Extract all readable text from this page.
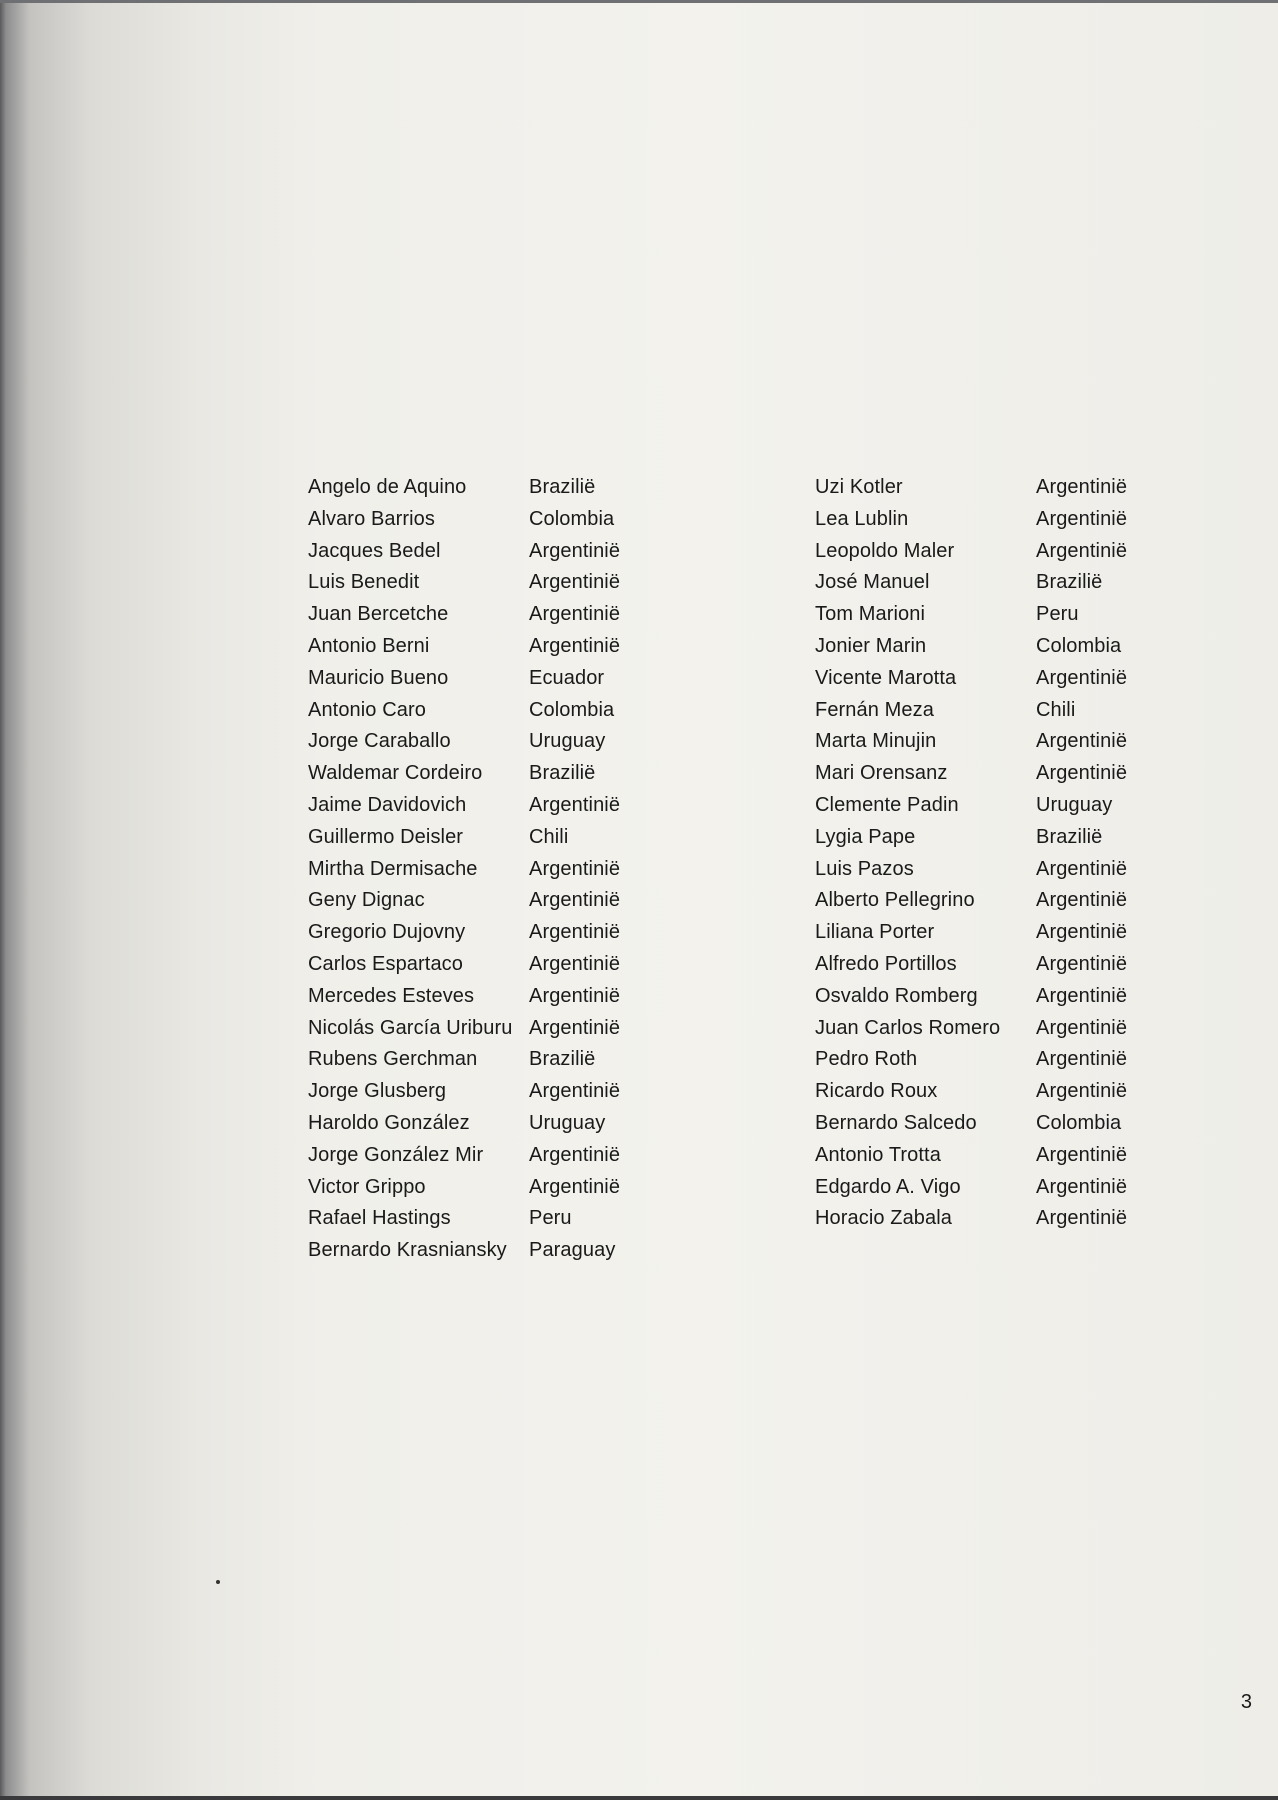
Angelo de Aquino	Brazilië
Alvaro Barrios	Colombia
Jacques Bedel	Argentinië
Luis Benedit	Argentinië
Juan Bercetche	Argentinië
Antonio Berni	Argentinië
Mauricio Bueno	Ecuador
Antonio Caro	Colombia
Jorge Caraballo	Uruguay
Waldemar Cordeiro	Brazilië
Jaime Davidovich	Argentinië
Guillermo Deisler	Chili
Mirtha Dermisache	Argentinië
Geny Dignac	Argentinië
Gregorio Dujovny	Argentinië
Carlos Espartaco	Argentinië
Mercedes Esteves	Argentinië
Nicolás García Uriburu Argentinië
Rubens Gerchman	Brazilië
Jorge Glusberg	Argentinië
Haroldo González	Uruguay
Jorge González Mir	Argentinië
Victor Grippo	Argentinië
Rafael Hastings	Peru
Bernardo Krasniansky	Paraguay
Uzi Kotler	Argentinië
Lea Lublin	Argentinië
Leopoldo Maler	Argentinië
José Manuel	Brazilië
Tom Marioni	Peru
Jonier Marin	Colombia
Vicente Marotta	Argentinië
Fernán Meza	Chili
Marta Minujin	Argentinië
Mari Orensanz	Argentinië
Clemente Padin	Uruguay
Lygia Pape	Brazilië
Luis Pazos	Argentinië
Alberto Pellegrino	Argentinië
Liliana Porter	Argentinië
Alfredo Portillos	Argentinië
Osvaldo Romberg	Argentinië
Juan Carlos Romero	Argentinië
Pedro Roth	Argentinië
Ricardo Roux	Argentinië
Bernardo Salcedo	Colombia
Antonio Trotta	Argentinië
Edgardo A. Vigo	Argentinië
Horacio Zabala	Argentinië
3
